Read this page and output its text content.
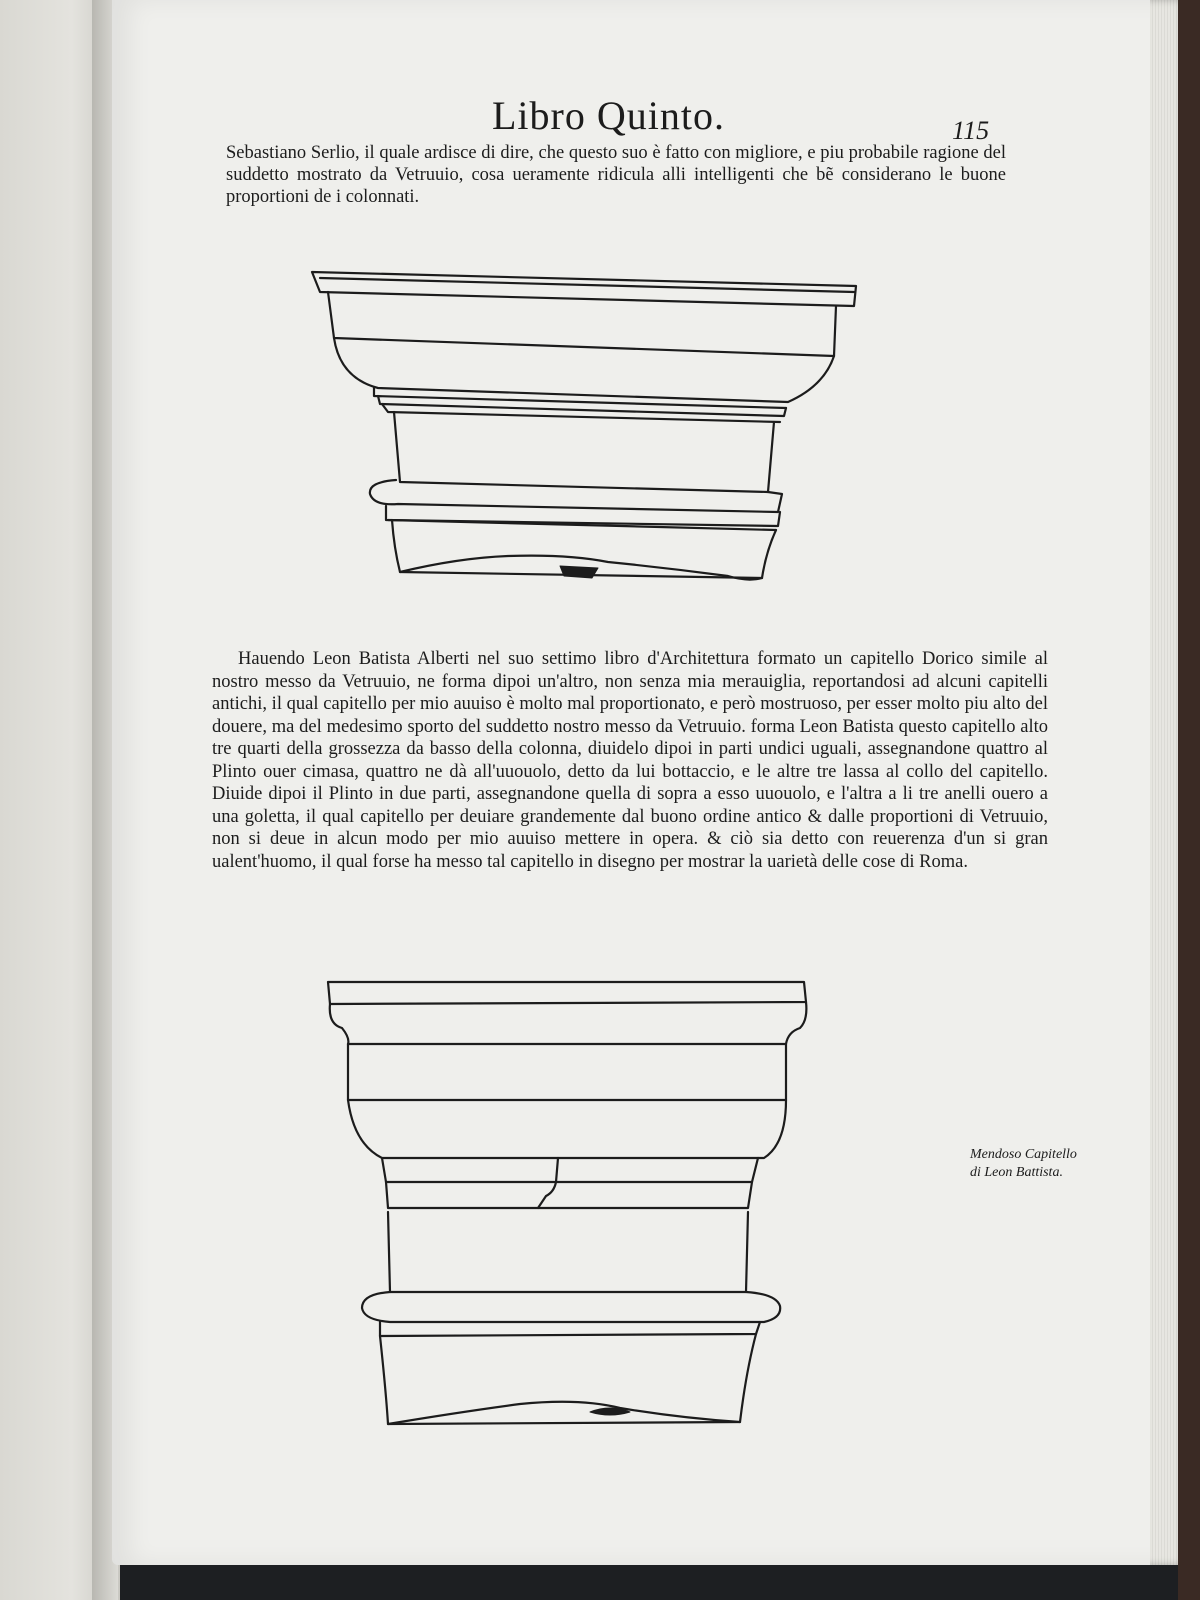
Libro Quinto.	115

Sebastiano Serlio, il quale ardisce di dire, che questo suo è fatto con migliore, e piu probabile ragione del suddetto mostrato da Vetruuio, cosa ueramente ridicula alli intelligenti che bẽ considerano le buone proportioni de i colonnati.

Hauendo Leon Batista Alberti nel suo settimo libro d'Architettura formato un capitello Dorico simile al nostro messo da Vetruuio, ne forma dipoi un'altro, non senza mia merauiglia, reportandosi ad alcuni capitelli antichi, il qual capitello per mio auuiso è molto mal proportionato, e però mostruoso, per esser molto piu alto del douere, ma del medesimo sporto del suddetto nostro messo da Vetruuio. forma Leon Batista questo capitello alto tre quarti della grossezza da basso della colonna, diuidelo dipoi in parti undici uguali, assegnandone quattro al Plinto ouer cimasa, quattro ne dà all'uuouolo, detto da lui bottaccio, e le altre tre lassa al collo del capitello. Diuide dipoi il Plinto in due parti, assegnandone quella di sopra a esso uuouolo, e l'altra a li tre anelli ouero a una goletta, il qual capitello per deuiare grandemente dal buono ordine antico & dalle proportioni di Vetruuio, non si deue in alcun modo per mio auuiso mettere in opera. & ciò sia detto con reuerenza d'un si gran ualent'huomo, il qual forse ha messo tal capitello in disegno per mostrar la uarietà delle cose di Roma.

Mendoso Capitello di Leon Battista.
